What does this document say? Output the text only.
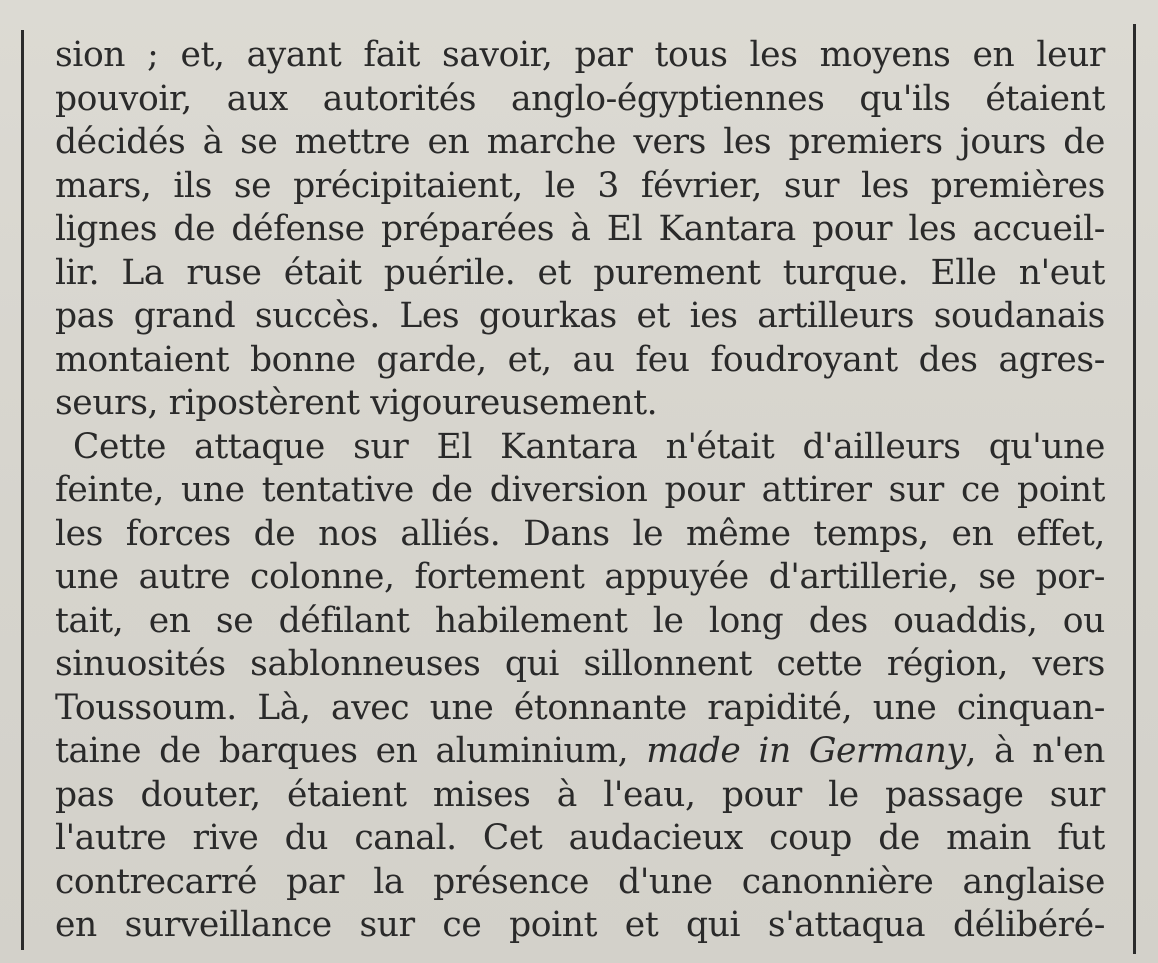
sion ; et, ayant fait savoir, par tous les moyens en leur
pouvoir, aux autorités anglo-égyptiennes qu'ils étaient
décidés à se mettre en marche vers les premiers jours de
mars, ils se précipitaient, le 3 février, sur les premières
lignes de défense préparées à El Kantara pour les accueil-
lir. La ruse était puérile. et purement turque. Elle n'eut
pas grand succès. Les gourkas et ies artilleurs soudanais
montaient bonne garde, et, au feu foudroyant des agres-
seurs, ripostèrent vigoureusement.
Cette attaque sur El Kantara n'était d'ailleurs qu'une
feinte, une tentative de diversion pour attirer sur ce point
les forces de nos alliés. Dans le même temps, en effet,
une autre colonne, fortement appuyée d'artillerie, se por-
tait, en se défilant habilement le long des ouaddis, ou
sinuosités sablonneuses qui sillonnent cette région, vers
Toussoum. Là, avec une étonnante rapidité, une cinquan-
taine de barques en aluminium, made in Germany, à n'en
pas douter, étaient mises à l'eau, pour le passage sur
l'autre rive du canal. Cet audacieux coup de main fut
contrecarré par la présence d'une canonnière anglaise
en surveillance sur ce point et qui s'attaqua délibéré-
